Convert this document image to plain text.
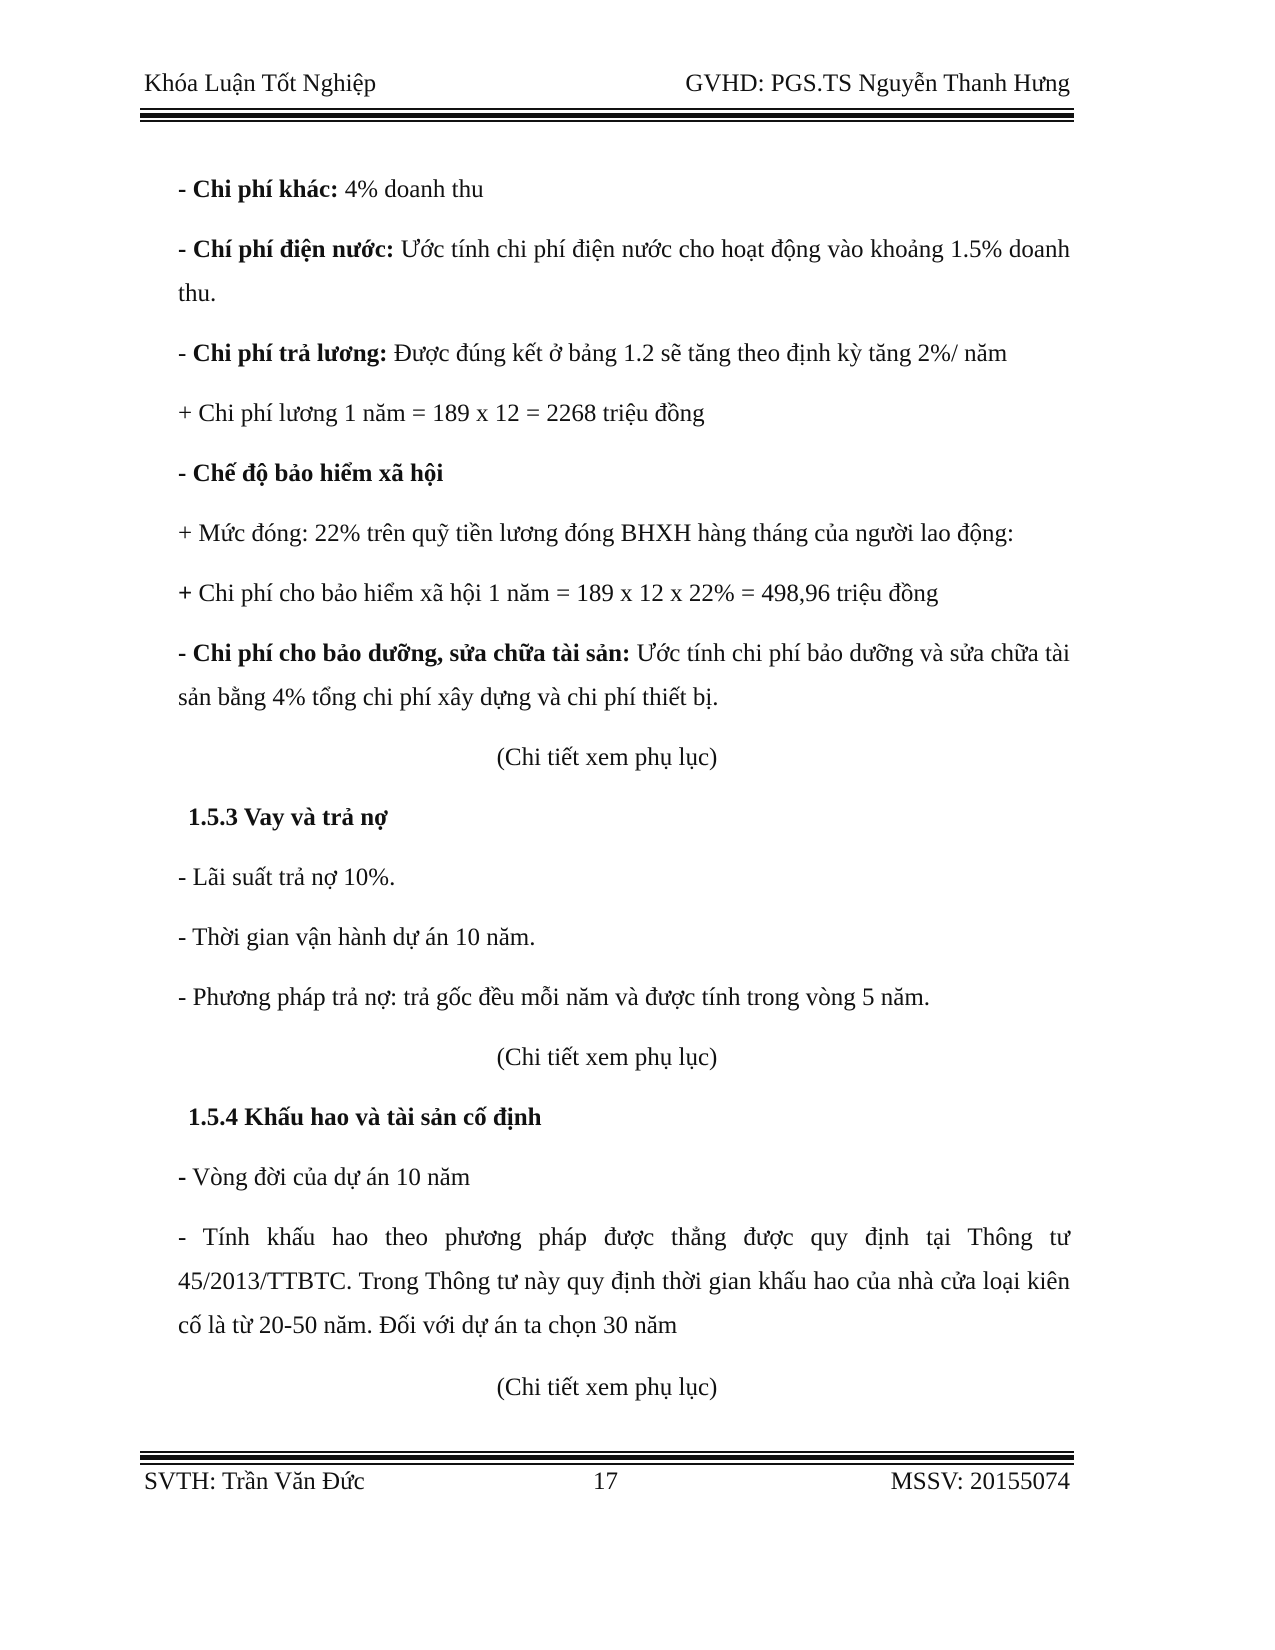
Khóa Luận Tốt Nghiệp	GVHD: PGS.TS Nguyễn Thanh Hưng
- Chi phí khác: 4% doanh thu
- Chí phí điện nước: Ước tính chi phí điện nước cho hoạt động vào khoảng 1.5% doanh thu.
- Chi phí trả lương: Được đúng kết ở bảng 1.2 sẽ tăng theo định kỳ tăng 2%/ năm
+ Chi phí lương 1 năm = 189 x 12 = 2268 triệu đồng
- Chế độ bảo hiểm xã hội
+ Mức đóng: 22% trên quỹ tiền lương đóng BHXH hàng tháng của người lao động:
+ Chi phí cho bảo hiểm xã hội 1 năm = 189 x 12 x 22% = 498,96 triệu đồng
- Chi phí cho bảo dưỡng, sửa chữa tài sản: Ước tính chi phí bảo dưỡng và sửa chữa tài sản bằng 4% tổng chi phí xây dựng và chi phí thiết bị.
(Chi tiết xem phụ lục)
1.5.3 Vay và trả nợ
- Lãi suất trả nợ 10%.
- Thời gian vận hành dự án 10 năm.
- Phương pháp trả nợ: trả gốc đều mỗi năm và được tính trong vòng 5 năm.
(Chi tiết xem phụ lục)
1.5.4 Khấu hao và tài sản cố định
- Vòng đời của dự án 10 năm
- Tính khấu hao theo phương pháp được thẳng được quy định tại Thông tư 45/2013/TTBTC. Trong Thông tư này quy định thời gian khấu hao của nhà cửa loại kiên cố là từ 20-50 năm. Đối với dự án ta chọn 30 năm
(Chi tiết xem phụ lục)
SVTH: Trần Văn Đức	17	MSSV: 20155074
